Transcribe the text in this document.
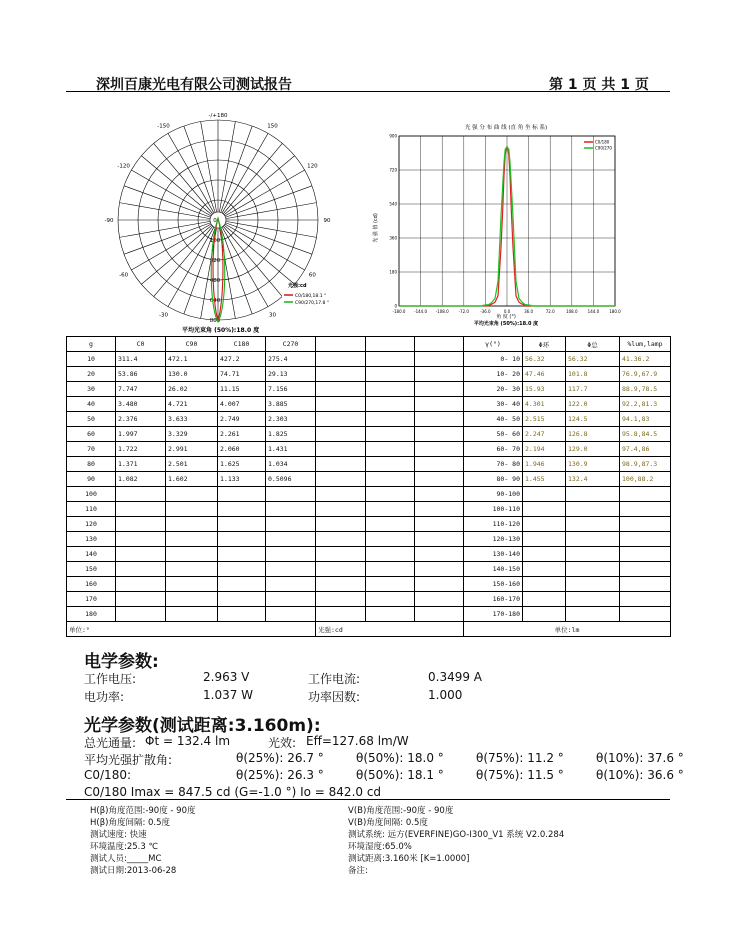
深圳百康光电有限公司测试报告	第 1 页 共 1 页
-/+180
-150	150
-120	120
-90	90
-60	60
-30	30
0
160
320
480
640
800
光强:cd
C0/180,18.1 °
C90/270,17.8 °
平均光束角 (50%):18.0 度
光 强 分 布 曲 线 (直 角 坐 标 系)
光 强 值 (cd)
-180.0 -144.0 -108.0 -72.0	-36.0	0.0	36.0	72.0	108.0	144.0	180.0
0
180
360
540
720
900
C0/180
C90/270
角 度 (°)
平均光束角 (50%):18.0 度
g	C0	C90	C180	C270				γ(°)	Φ环	Φ总	%lum,lamp
10	311.4	472.1	427.2	275.4				0- 10	56.32	56.32	41.36.2
20	53.86	130.0	74.71	29.13				10- 20	47.46	101.8	76.9,67.9
30	7.747	26.02	11.15	7.156				20- 30	15.93	117.7	88.9,78.5
40	3.480	4.721	4.007	3.885				30- 40	4.301	122.0	92.2,81.3
50	2.376	3.633	2.749	2.303				40- 50	2.515	124.5	94.1,83
60	1.997	3.329	2.261	1.825				50- 60	2.247	126.8	95.8,84.5
70	1.722	2.991	2.060	1.431				60- 70	2.194	129.0	97.4,86
80	1.371	2.501	1.625	1.034				70- 80	1.946	130.9	98.9,87.3
90	1.082	1.602	1.133	0.5096				80- 90	1.455	132.4	100,88.2
100								90-100			
110								100-110			
120								110-120			
130								120-130			
140								130-140			
150								140-150			
160								150-160			
170								160-170			
180								170-180			
单位:°					光强:cd			单位:lm			
电学参数:
工作电压:	2.963 V	工作电流:	0.3499 A
电功率:	1.037 W	功率因数:	1.000
光学参数(测试距离:3.160m):
总光通量: Φt = 132.4 lm	光效: Eff=127.68 lm/W
平均光强扩散角:	θ(25%): 26.7 °	θ(50%): 18.0 °	θ(75%): 11.2 °	θ(10%): 37.6 °
C0/180:	θ(25%): 26.3 °	θ(50%): 18.1 °	θ(75%): 11.5 °	θ(10%): 36.6 °
C0/180 Imax = 847.5 cd (G=-1.0 °) Io = 842.0 cd
H(β)角度范围:-90度 - 90度
H(β)角度间隔: 0.5度
测试速度: 快速
环境温度:25.3 ℃
测试人员:_____MC
测试日期:2013-06-28
V(B)角度范围:-90度 - 90度
V(B)角度间隔: 0.5度
测试系统: 远方(EVERFINE)GO-I300_V1 系统 V2.0.284
环境湿度:65.0%
测试距离:3.160米 [K=1.0000]
备注:
